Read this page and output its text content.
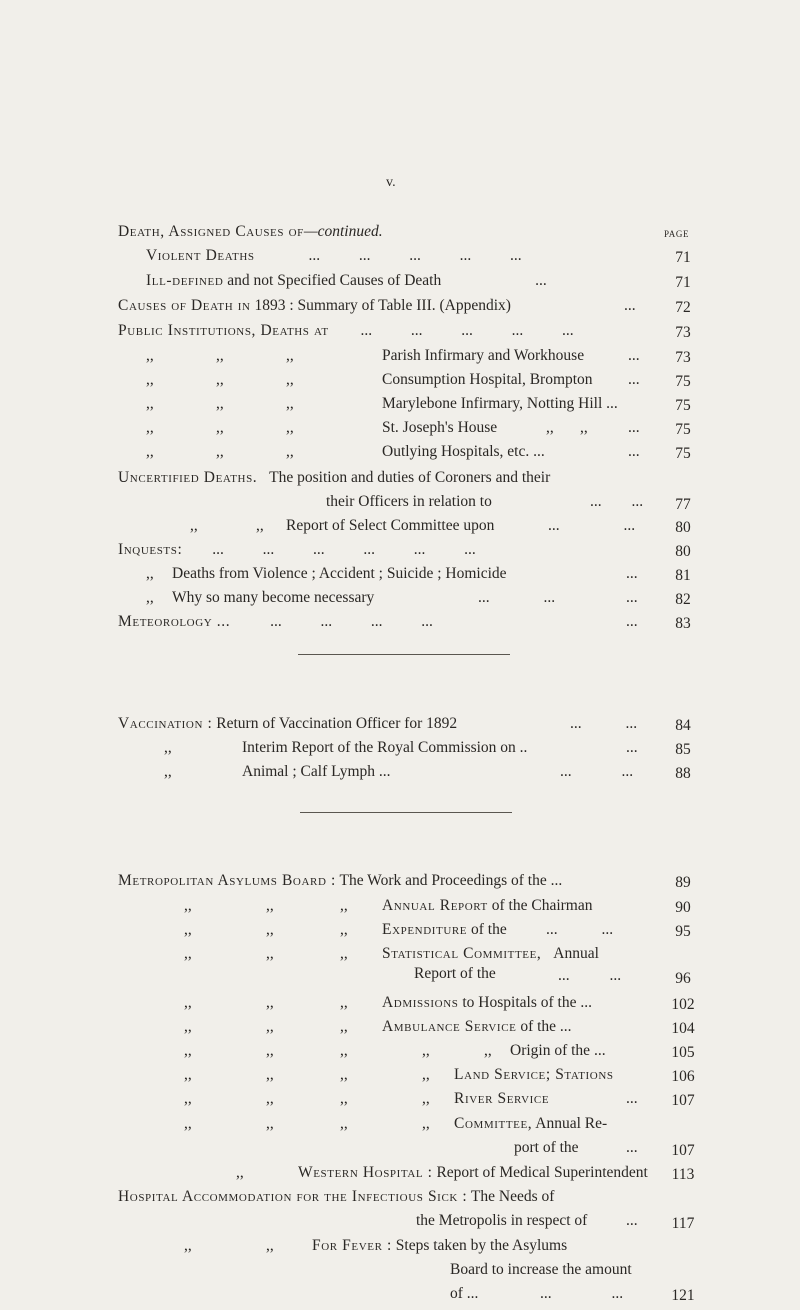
v.
page
Death, Assigned Causes of—continued.
Violent Deaths	...          ...          ...          ...          ...	71
Ill-defined and not Specified Causes of Death	...	71
Causes of Death in 1893 : Summary of Table III. (Appendix)	...	72
Public Institutions, Deaths at ...          ...          ...          ...          ...	73
,,	,,	,,	Parish Infirmary and Workhouse	...	73
,,	,,	,,	Consumption Hospital, Brompton ...	75
,,	,,	,,	Marylebone Infirmary, Notting Hill ...	75
,,	,,	,,	St. Joseph's House	,, ,,	...	75
,,	,,	,,	Outlying Hospitals, etc. ...	...	75
Uncertified Deaths. The position and duties of Coroners and their
their Officers in relation to	... ...	77
,,	,, Report of Select Committee upon	... ...	80
Inquests: ...          ...          ...          ...          ...          ...	80
,, Deaths from Violence ; Accident ; Suicide ; Homicide	...	81
,, Why so many become necessary	... ...	...	82
Meteorology ...	...          ...          ...          ...	...	83
Vaccination : Return of Vaccination Officer for 1892	... ...	84
,,	Interim Report of the Royal Commission on ..	...	85
,,	Animal ; Calf Lymph ...	... ...	88
Metropolitan Asylums Board : The Work and Proceedings of the ...	89
,,	,,	,, Annual Report of the Chairman	90
,,	,,	,, Expenditure of the	... ...	95
,,	,,	,, Statistical Committee, Annual
Report of the	... ...	96
,,	,,	,, Admissions to Hospitals of the ...	102
,,	,,	,, Ambulance Service of the ...	104
,,	,,	,,	,,	,, Origin of the ...	105
,,	,,	,,	,, Land Service; Stations	106
,,	,,	,,	,, River Service	...	107
,,	,,	,,	,, Committee, Annual Re-
port of the	...	107
,,	Western Hospital : Report of Medical Superintendent	113
Hospital Accommodation for the Infectious Sick : The Needs of
the Metropolis in respect of ...	117
,,	,, For Fever : Steps taken by the Asylums
Board to increase the amount
of ...	... ...	121
